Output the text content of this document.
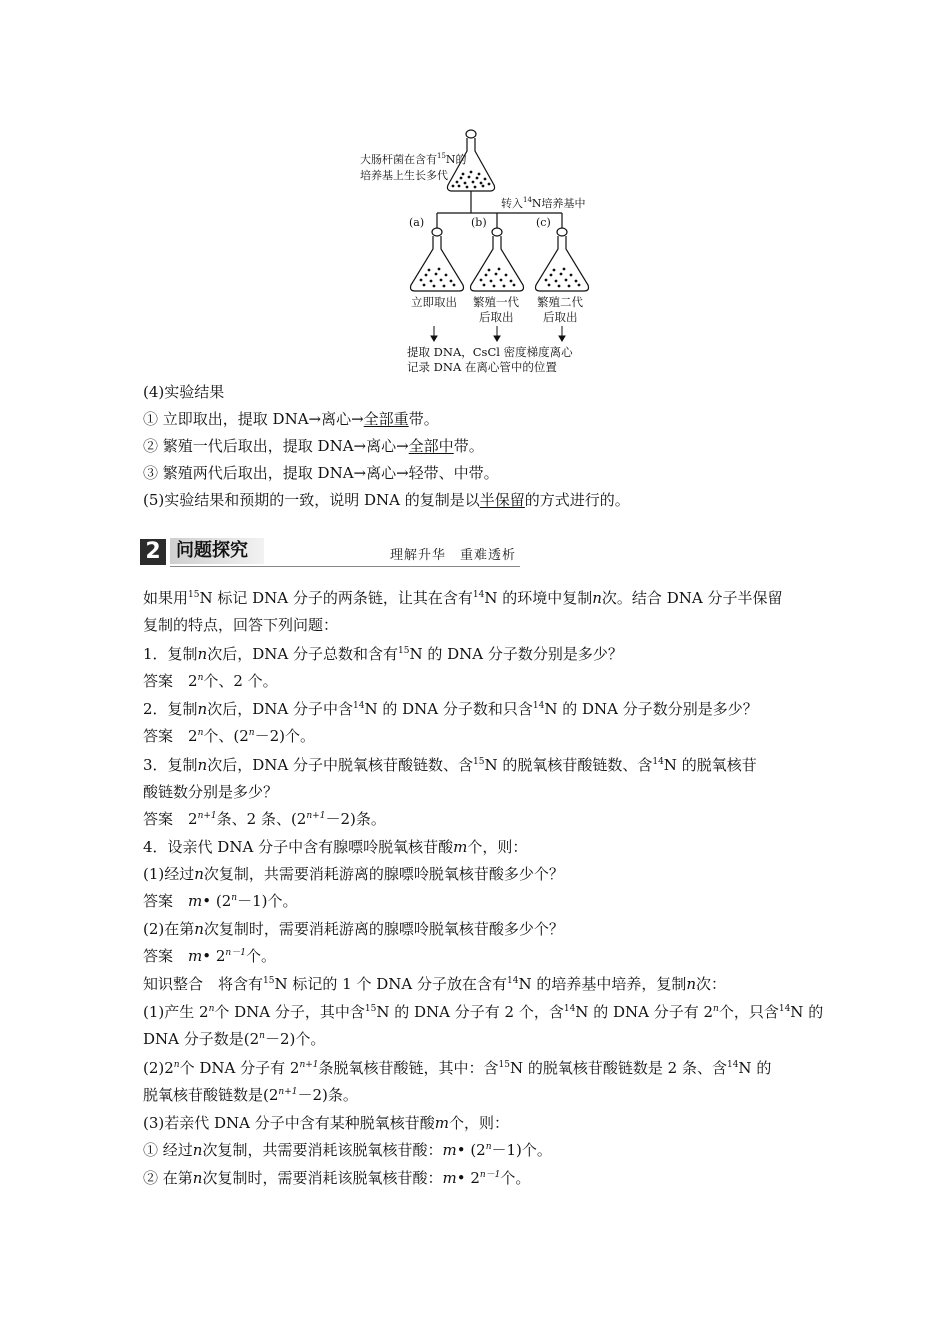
大肠杆菌在含有$^{15}$N的
培养基上生长多代
转入$^{14}$N培养基中
(a)	(b)	(c)
立即取出 繁殖一代
后取出
繁殖二代
后取出
提取 DNA，CsCl 密度梯度离心
记录 DNA 在离心管中的位置
(4)实验结果
① 立即取出，提取 DNA→离心→全部重带。
② 繁殖一代后取出，提取 DNA→离心→全部中带。
③ 繁殖两代后取出，提取 DNA→离心→轻带、中带。
(5)实验结果和预期的一致，说明 DNA 的复制是以半保留的方式进行的。
2 问题探究	理解升华　重难透析
如果用$^{15}$N 标记 DNA 分子的两条链，让其在含有$^{14}$N 的环境中复制n次。结合 DNA 分子半保留
复制的特点，回答下列问题：
1．复制n次后，DNA 分子总数和含有$^{15}$N 的 DNA 分子数分别是多少？
答案  2$^n$个、2 个。
2．复制n次后，DNA 分子中含$^{14}$N 的 DNA 分子数和只含$^{14}$N 的 DNA 分子数分别是多少？
答案  2$^n$个、$(2^n-2)$个。
3．复制n次后，DNA 分子中脱氧核苷酸链数、含$^{15}$N 的脱氧核苷酸链数、含$^{14}$N 的脱氧核苷
酸链数分别是多少？
答案  $2^{n+1}$条、2 条、$(2^{n+1}-2)$条。
4．设亲代 DNA 分子中含有腺嘌呤脱氧核苷酸m个，则：
(1)经过n次复制，共需要消耗游离的腺嘌呤脱氧核苷酸多少个？
答案  m• $(2^n-1)$个。
(2)在第n次复制时，需要消耗游离的腺嘌呤脱氧核苷酸多少个？
答案  m• $2^{n-1}$个。
知识整合  将含有$^{15}$N 标记的 1 个 DNA 分子放在含有$^{14}$N 的培养基中培养，复制n次：
(1)产生 2$^n$个 DNA 分子，其中含$^{15}$N 的 DNA 分子有 2 个，含$^{14}$N 的 DNA 分子有 2$^n$个，只含$^{14}$N 的
DNA 分子数是$(2^n-2)$个。
(2)2$^n$个 DNA 分子有 $2^{n+1}$条脱氧核苷酸链，其中：含$^{15}$N 的脱氧核苷酸链数是 2 条、含$^{14}$N 的
脱氧核苷酸链数是$(2^{n+1}-2)$条。
(3)若亲代 DNA 分子中含有某种脱氧核苷酸m个，则：
① 经过n次复制，共需要消耗该脱氧核苷酸：m• $(2^n-1)$个。
② 在第n次复制时，需要消耗该脱氧核苷酸：m• $2^{n-1}$个。
